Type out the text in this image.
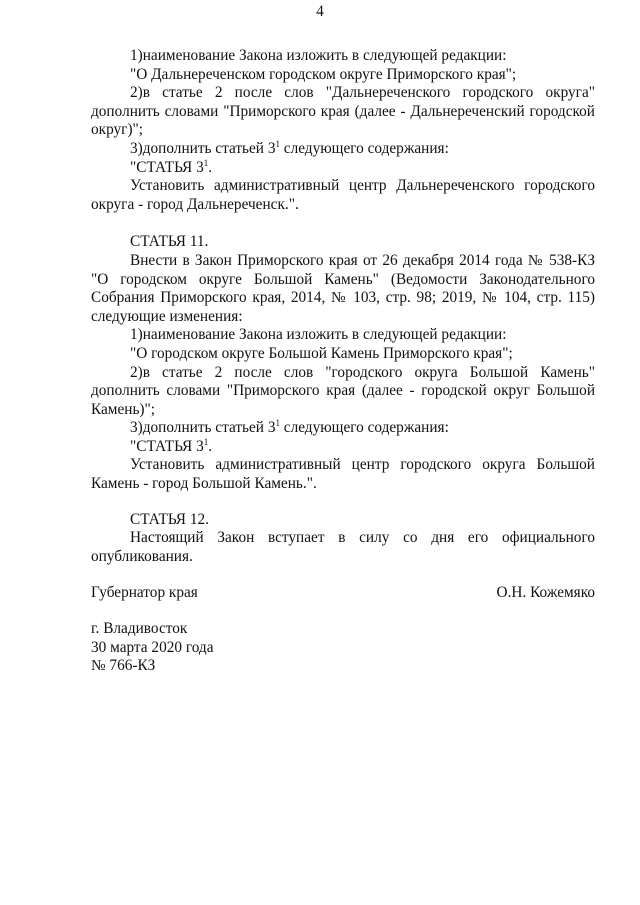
4

1)наименование Закона изложить в следующей редакции:

"О Дальнереченском городском округе Приморского края";

2)в статье 2 после слов "Дальнереченского городского округа" дополнить словами "Приморского края (далее - Дальнереченский городской округ)";

3)дополнить статьей $3^1$ следующего содержания:

"СТАТЬЯ $3^1$.

Установить административный центр Дальнереченского городского округа - город Дальнереченск.".

СТАТЬЯ 11.

Внести в Закон Приморского края от 26 декабря 2014 года № 538-КЗ "О городском округе Большой Камень" (Ведомости Законодательного Собрания Приморского края, 2014, № 103, стр. 98; 2019, № 104, стр. 115) следующие изменения:

1)наименование Закона изложить в следующей редакции:

"О городском округе Большой Камень Приморского края";

2)в статье 2 после слов "городского округа Большой Камень" дополнить словами "Приморского края (далее - городской округ Большой Камень)";

3)дополнить статьей $3^1$ следующего содержания:

"СТАТЬЯ $3^1$.

Установить административный центр городского округа Большой Камень - город Большой Камень.".

СТАТЬЯ 12.

Настоящий Закон вступает в силу со дня его официального опубликования.

Губернатор края	О.Н. Кожемяко
г. Владивосток
30 марта 2020 года
№ 766-КЗ
